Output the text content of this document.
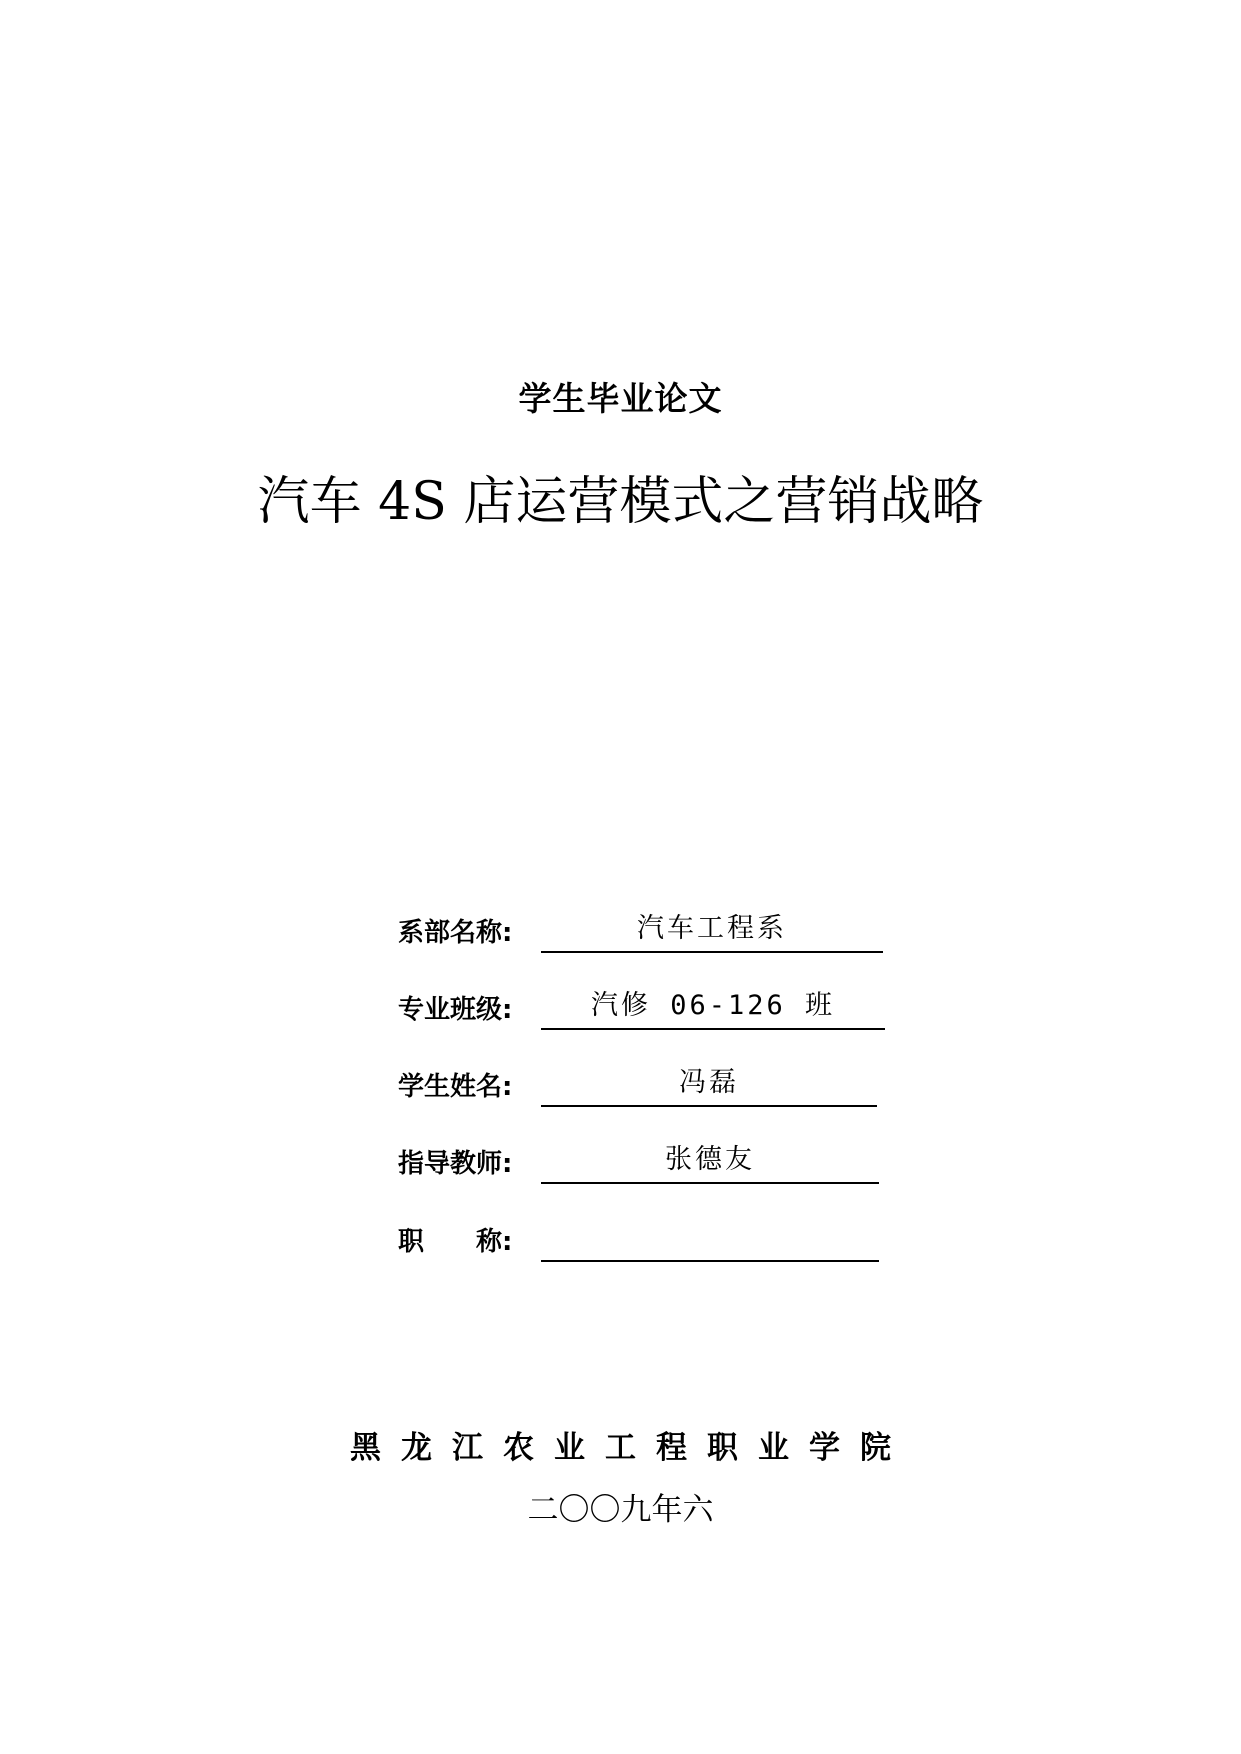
学生毕业论文
汽车 4S 店运营模式之营销战略
系部名称:	汽车工程系
专业班级:	汽修 06-126 班
学生姓名:	冯磊
指导教师:	张德友
职　　称:
黑龙江农业工程职业学院
二〇〇九年六
